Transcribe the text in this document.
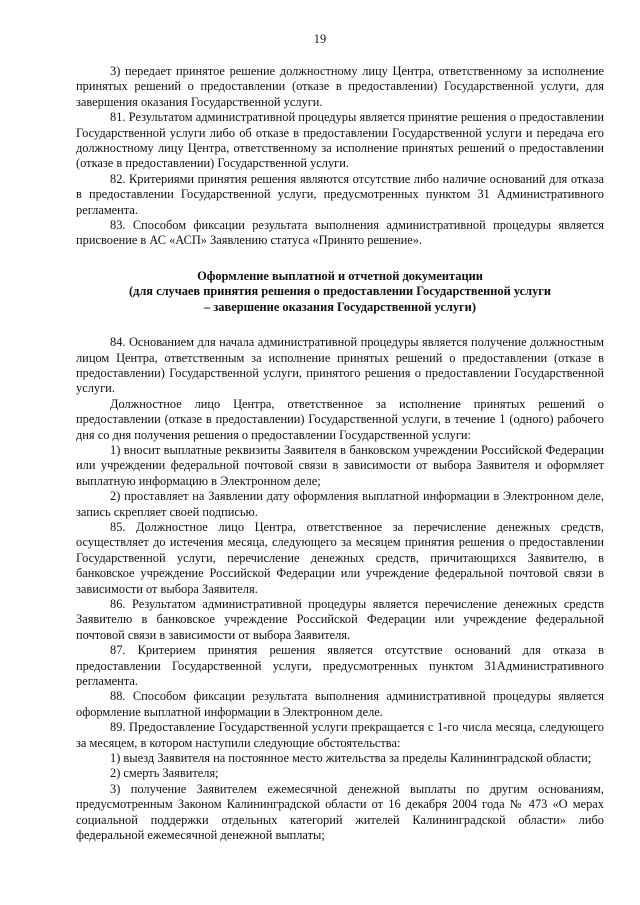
19

3) передает принятое решение должностному лицу Центра, ответственному за исполнение принятых решений о предоставлении (отказе в предоставлении) Государственной услуги, для завершения оказания Государственной услуги.

81. Результатом административной процедуры является принятие решения о предоставлении Государственной услуги либо об отказе в предоставлении Государственной услуги и передача его должностному лицу Центра, ответственному за исполнение принятых решений о предоставлении (отказе в предоставлении) Государственной услуги.

82. Критериями принятия решения являются отсутствие либо наличие оснований для отказа в предоставлении Государственной услуги, предусмотренных пунктом 31 Административного регламента.

83. Способом фиксации результата выполнения административной процедуры является присвоение в АС «АСП» Заявлению статуса «Принято решение».

Оформление выплатной и отчетной документации
(для случаев принятия решения о предоставлении Государственной услуги
– завершение оказания Государственной услуги)

84. Основанием для начала административной процедуры является получение должностным лицом Центра, ответственным за исполнение принятых решений о предоставлении (отказе в предоставлении) Государственной услуги, принятого решения о предоставлении Государственной услуги.

Должностное лицо Центра, ответственное за исполнение принятых решений о предоставлении (отказе в предоставлении) Государственной услуги, в течение 1 (одного) рабочего дня со дня получения решения о предоставлении Государственной услуги:

1) вносит выплатные реквизиты Заявителя в банковском учреждении Российской Федерации или учреждении федеральной почтовой связи в зависимости от выбора Заявителя и оформляет выплатную информацию в Электронном деле;

2) проставляет на Заявлении дату оформления выплатной информации в Электронном деле, запись скрепляет своей подписью.

85. Должностное лицо Центра, ответственное за перечисление денежных средств, осуществляет до истечения месяца, следующего за месяцем принятия решения о предоставлении Государственной услуги, перечисление денежных средств, причитающихся Заявителю, в банковское учреждение Российской Федерации или учреждение федеральной почтовой связи в зависимости от выбора Заявителя.

86. Результатом административной процедуры является перечисление денежных средств Заявителю в банковское учреждение Российской Федерации или учреждение федеральной почтовой связи в зависимости от выбора Заявителя.

87. Критерием принятия решения является отсутствие оснований для отказа в предоставлении Государственной услуги, предусмотренных пунктом 31Административного регламента.

88. Способом фиксации результата выполнения административной процедуры является оформление выплатной информации в Электронном деле.

89. Предоставление Государственной услуги прекращается с 1-го числа месяца, следующего за месяцем, в котором наступили следующие обстоятельства:

1) выезд Заявителя на постоянное место жительства за пределы Калининградской области;

2) смерть Заявителя;

3) получение Заявителем ежемесячной денежной выплаты по другим основаниям, предусмотренным Законом Калининградской области от 16 декабря 2004 года № 473 «О мерах социальной поддержки отдельных категорий жителей Калининградской области» либо федеральной ежемесячной денежной выплаты;
